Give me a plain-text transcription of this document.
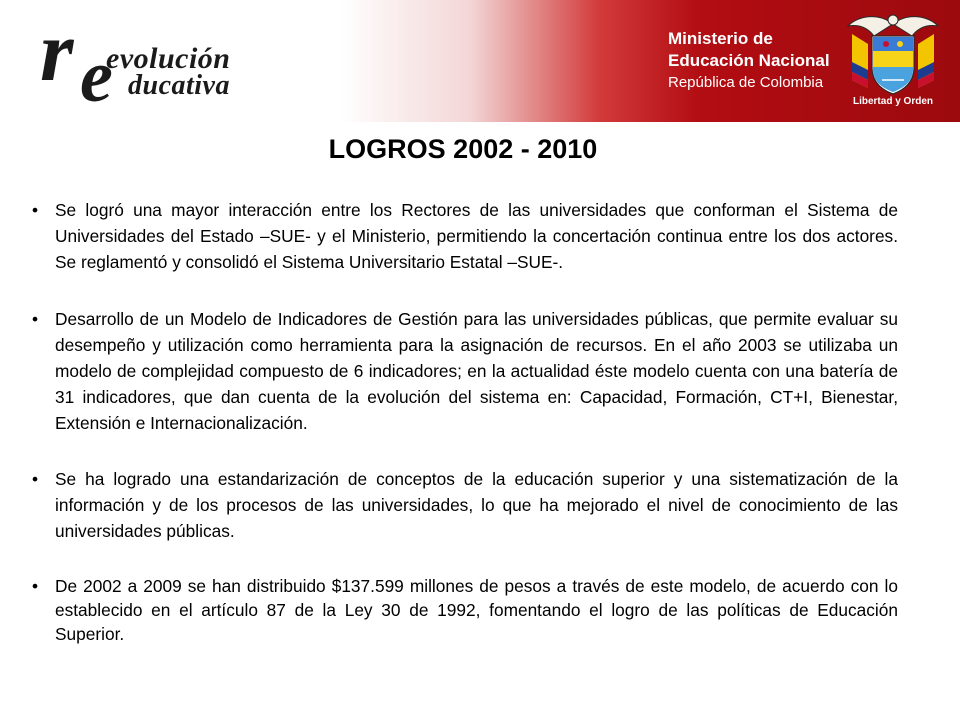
r e
evolución
ducativa
Ministerio de
Educación Nacional
República de Colombia
Libertad y Orden
LOGROS 2002 - 2010

• Se logró una mayor interacción entre los Rectores de las universidades que conforman el Sistema de Universidades del Estado –SUE- y el Ministerio, permitiendo la concertación continua entre los dos actores. Se reglamentó y consolidó el Sistema Universitario Estatal –SUE-.

• Desarrollo de un Modelo de Indicadores de Gestión para las universidades públicas, que permite evaluar su desempeño y utilización como herramienta para la asignación de recursos. En el año 2003 se utilizaba un modelo de complejidad compuesto de 6 indicadores; en la actualidad éste modelo cuenta con una batería de 31 indicadores, que dan cuenta de la evolución del sistema en: Capacidad, Formación, CT+I, Bienestar, Extensión e Internacionalización.

• Se ha logrado una estandarización de conceptos de la educación superior y una sistematización de la información y de los procesos de las universidades, lo que ha mejorado el nivel de conocimiento de las universidades públicas.

• De 2002 a 2009 se han distribuido $137.599 millones de pesos a través de este modelo, de acuerdo con lo establecido en el artículo 87 de la Ley 30 de 1992, fomentando el logro de las políticas de Educación Superior.
